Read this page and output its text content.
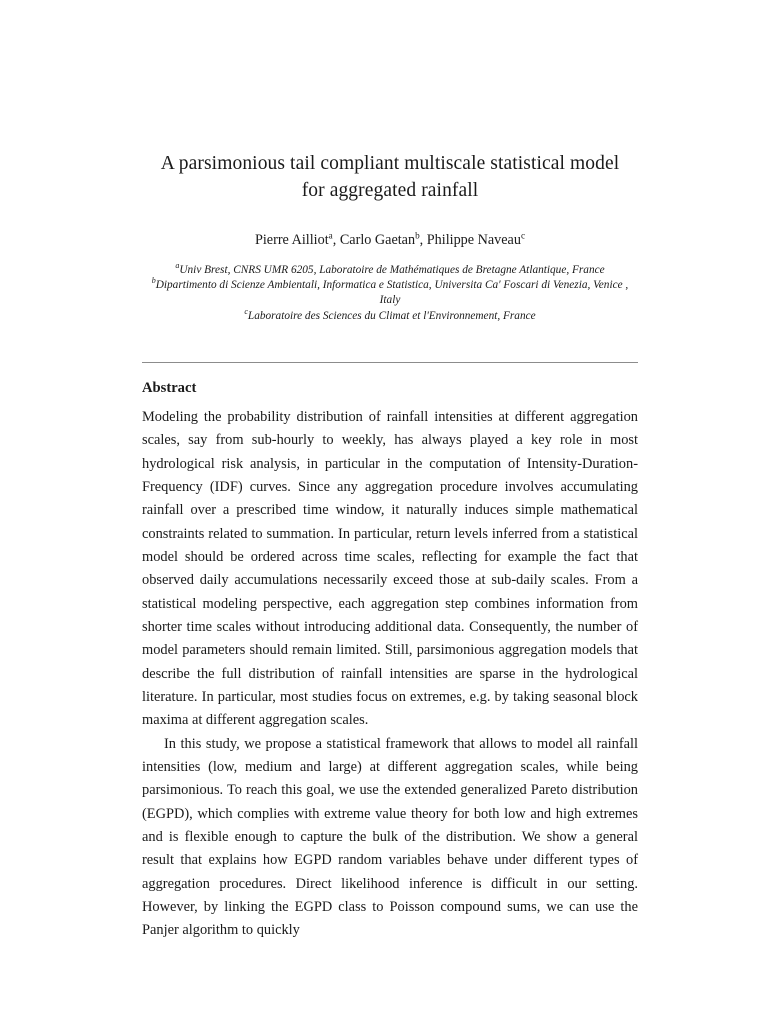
A parsimonious tail compliant multiscale statistical model for aggregated rainfall
Pierre Ailliot$^a$, Carlo Gaetan$^b$, Philippe Naveau$^c$

$^a$Univ Brest, CNRS UMR 6205, Laboratoire de Mathématiques de Bretagne Atlantique, France

$^b$Dipartimento di Scienze Ambientali, Informatica e Statistica, Universita Ca' Foscari di Venezia, Venice , Italy

$^c$Laboratoire des Sciences du Climat et l'Environnement, France

Abstract

Modeling the probability distribution of rainfall intensities at different aggregation scales, say from sub-hourly to weekly, has always played a key role in most hydrological risk analysis, in particular in the computation of Intensity-Duration-Frequency (IDF) curves. Since any aggregation procedure involves accumulating rainfall over a prescribed time window, it naturally induces simple mathematical constraints related to summation. In particular, return levels inferred from a statistical model should be ordered across time scales, reflecting for example the fact that observed daily accumulations necessarily exceed those at sub-daily scales. From a statistical modeling perspective, each aggregation step combines information from shorter time scales without introducing additional data. Consequently, the number of model parameters should remain limited. Still, parsimonious aggregation models that describe the full distribution of rainfall intensities are sparse in the hydrological literature. In particular, most studies focus on extremes, e.g. by taking seasonal block maxima at different aggregation scales.

In this study, we propose a statistical framework that allows to model all rainfall intensities (low, medium and large) at different aggregation scales, while being parsimonious. To reach this goal, we use the extended generalized Pareto distribution (EGPD), which complies with extreme value theory for both low and high extremes and is flexible enough to capture the bulk of the distribution. We show a general result that explains how EGPD random variables behave under different types of aggregation procedures. Direct likelihood inference is difficult in our setting. However, by linking the EGPD class to Poisson compound sums, we can use the Panjer algorithm to quickly
